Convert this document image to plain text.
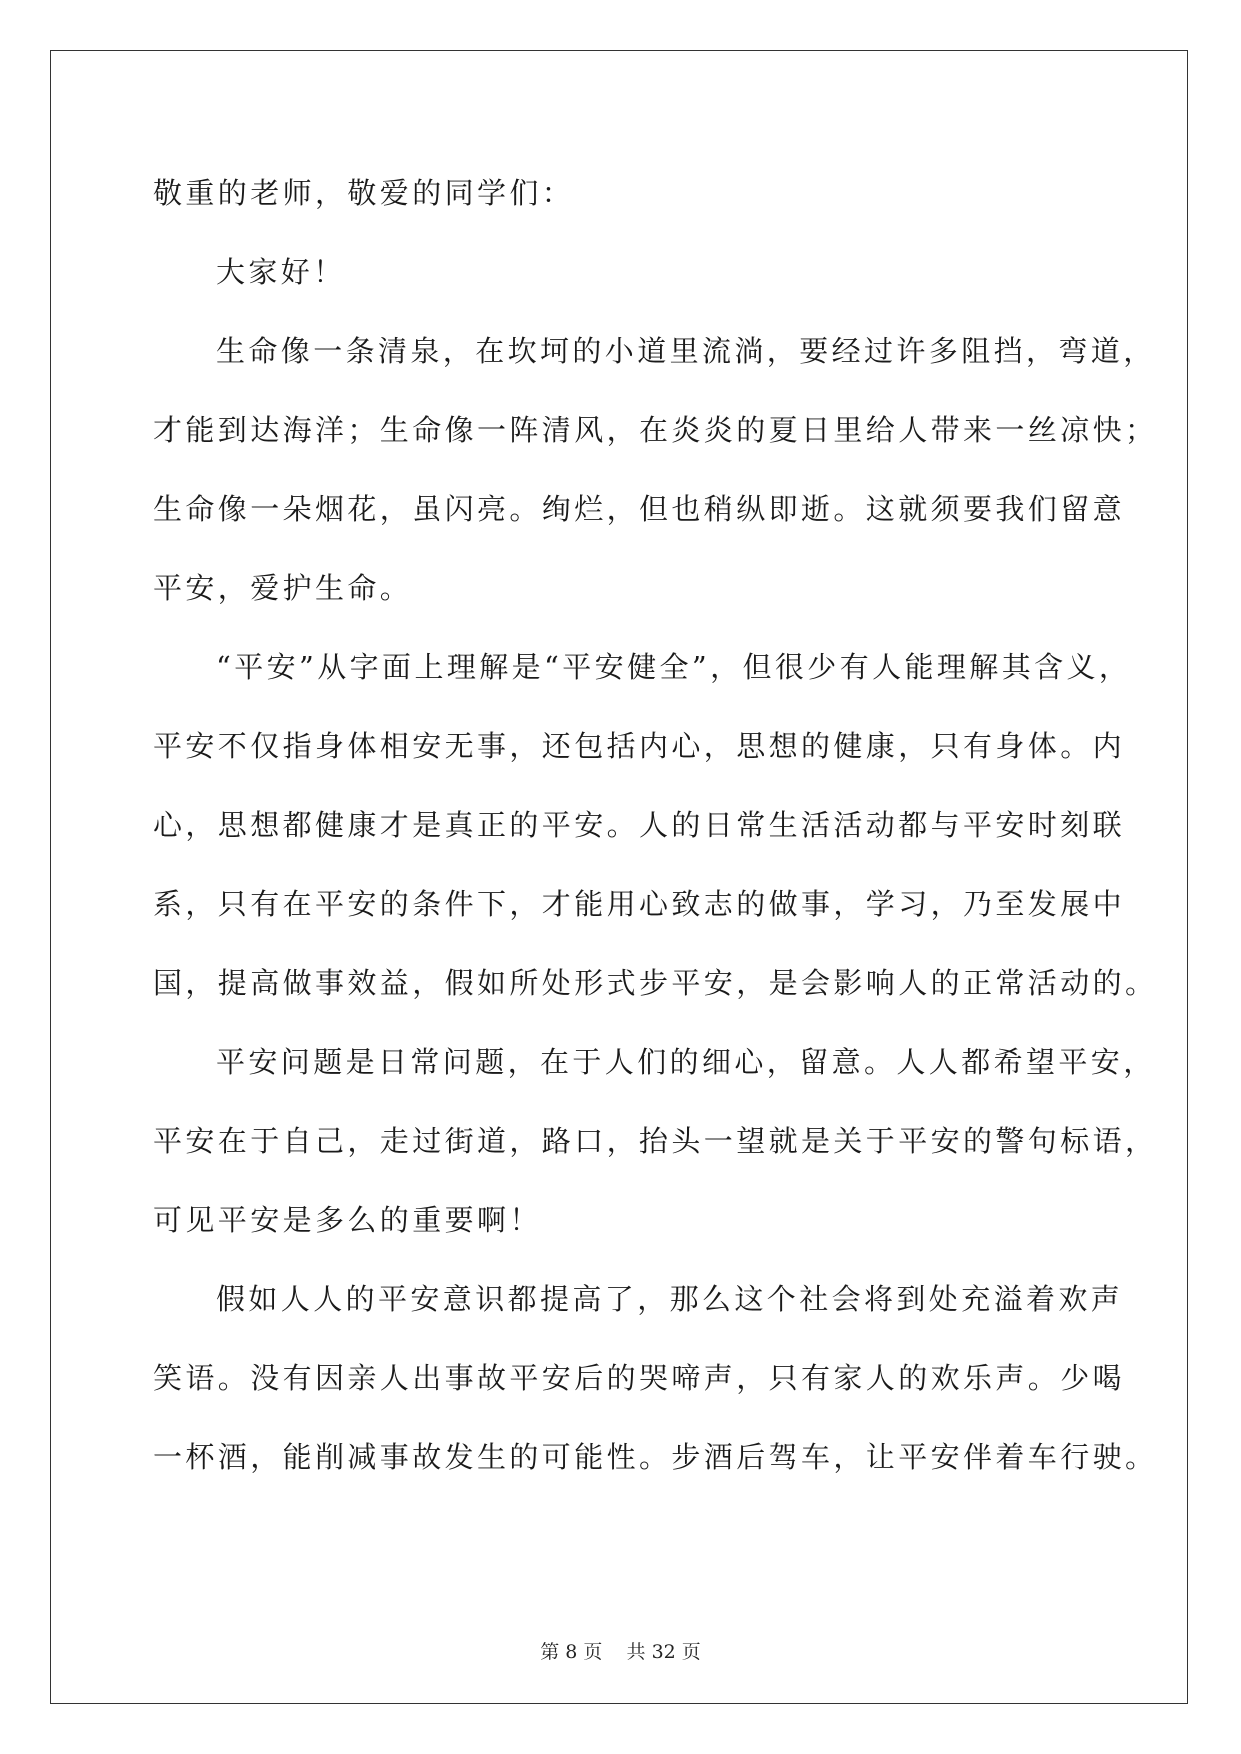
敬重的老师，敬爱的同学们：
大家好！
生命像一条清泉，在坎坷的小道里流淌，要经过许多阻挡，弯道，
才能到达海洋；生命像一阵清风，在炎炎的夏日里给人带来一丝凉快；
生命像一朵烟花，虽闪亮。绚烂，但也稍纵即逝。这就须要我们留意
平安，爱护生命。
“平安”从字面上理解是“平安健全”，但很少有人能理解其含义，
平安不仅指身体相安无事，还包括内心，思想的健康，只有身体。内
心，思想都健康才是真正的平安。人的日常生活活动都与平安时刻联
系，只有在平安的条件下，才能用心致志的做事，学习，乃至发展中
国，提高做事效益，假如所处形式步平安，是会影响人的正常活动的。
平安问题是日常问题，在于人们的细心，留意。人人都希望平安，
平安在于自己，走过街道，路口，抬头一望就是关于平安的警句标语，
可见平安是多么的重要啊！
假如人人的平安意识都提高了，那么这个社会将到处充溢着欢声
笑语。没有因亲人出事故平安后的哭啼声，只有家人的欢乐声。少喝
一杯酒，能削减事故发生的可能性。步酒后驾车，让平安伴着车行驶。
第 8 页    共 32 页
